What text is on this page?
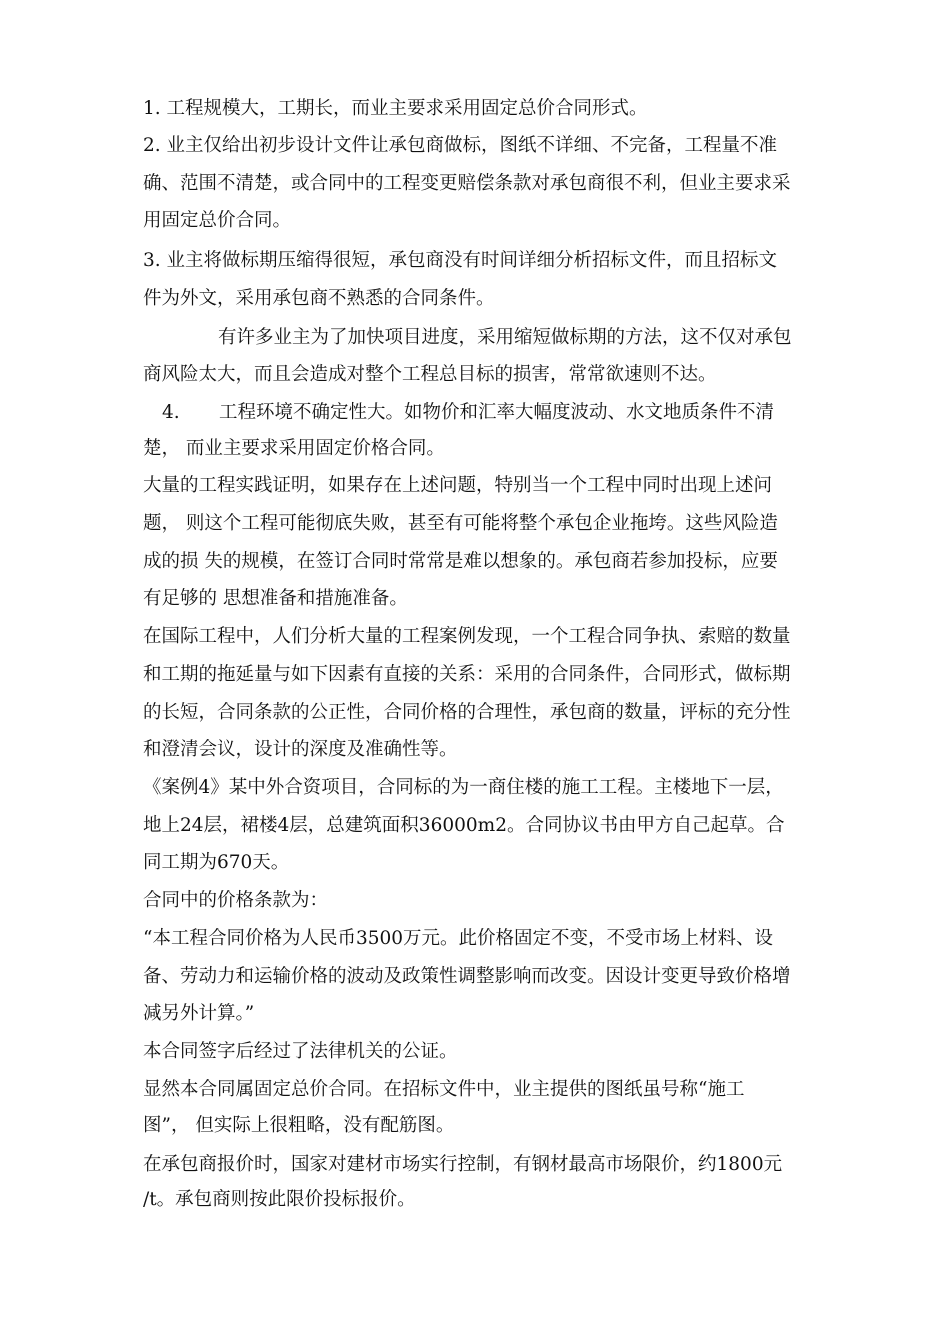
1. 工程规模大，工期长，而业主要求采用固定总价合同形式。
2. 业主仅给出初步设计文件让承包商做标，图纸不详细、不完备，工程量不准
确、范围不清楚，或合同中的工程变更赔偿条款对承包商很不利，但业主要求采
用固定总价合同。
3. 业主将做标期压缩得很短，承包商没有时间详细分析招标文件，而且招标文
件为外文，采用承包商不熟悉的合同条件。
有许多业主为了加快项目进度，采用缩短做标期的方法，这不仅对承包
商风险太大，而且会造成对整个工程总目标的损害，常常欲速则不达。
4. 工程环境不确定性大。如物价和汇率大幅度波动、水文地质条件不清
楚， 而业主要求采用固定价格合同。
大量的工程实践证明，如果存在上述问题，特别当一个工程中同时出现上述问
题， 则这个工程可能彻底失败，甚至有可能将整个承包企业拖垮。这些风险造
成的损 失的规模，在签订合同时常常是难以想象的。承包商若参加投标，应要
有足够的 思想准备和措施准备。
在国际工程中，人们分析大量的工程案例发现，一个工程合同争执、索赔的数量
和工期的拖延量与如下因素有直接的关系：采用的合同条件，合同形式，做标期
的长短，合同条款的公正性，合同价格的合理性，承包商的数量，评标的充分性
和澄清会议，设计的深度及准确性等。
《案例4》某中外合资项目，合同标的为一商住楼的施工工程。主楼地下一层，
地上24层，裙楼4层，总建筑面积36000m2。合同协议书由甲方自己起草。合
同工期为670天。
合同中的价格条款为：
“本工程合同价格为人民币3500万元。此价格固定不变，不受市场上材料、设
备、劳动力和运输价格的波动及政策性调整影响而改变。因设计变更导致价格增
减另外计算。”
本合同签字后经过了法律机关的公证。
显然本合同属固定总价合同。在招标文件中，业主提供的图纸虽号称“施工
图”， 但实际上很粗略，没有配筋图。
在承包商报价时，国家对建材市场实行控制，有钢材最高市场限价，约1800元
/t。承包商则按此限价投标报价。
